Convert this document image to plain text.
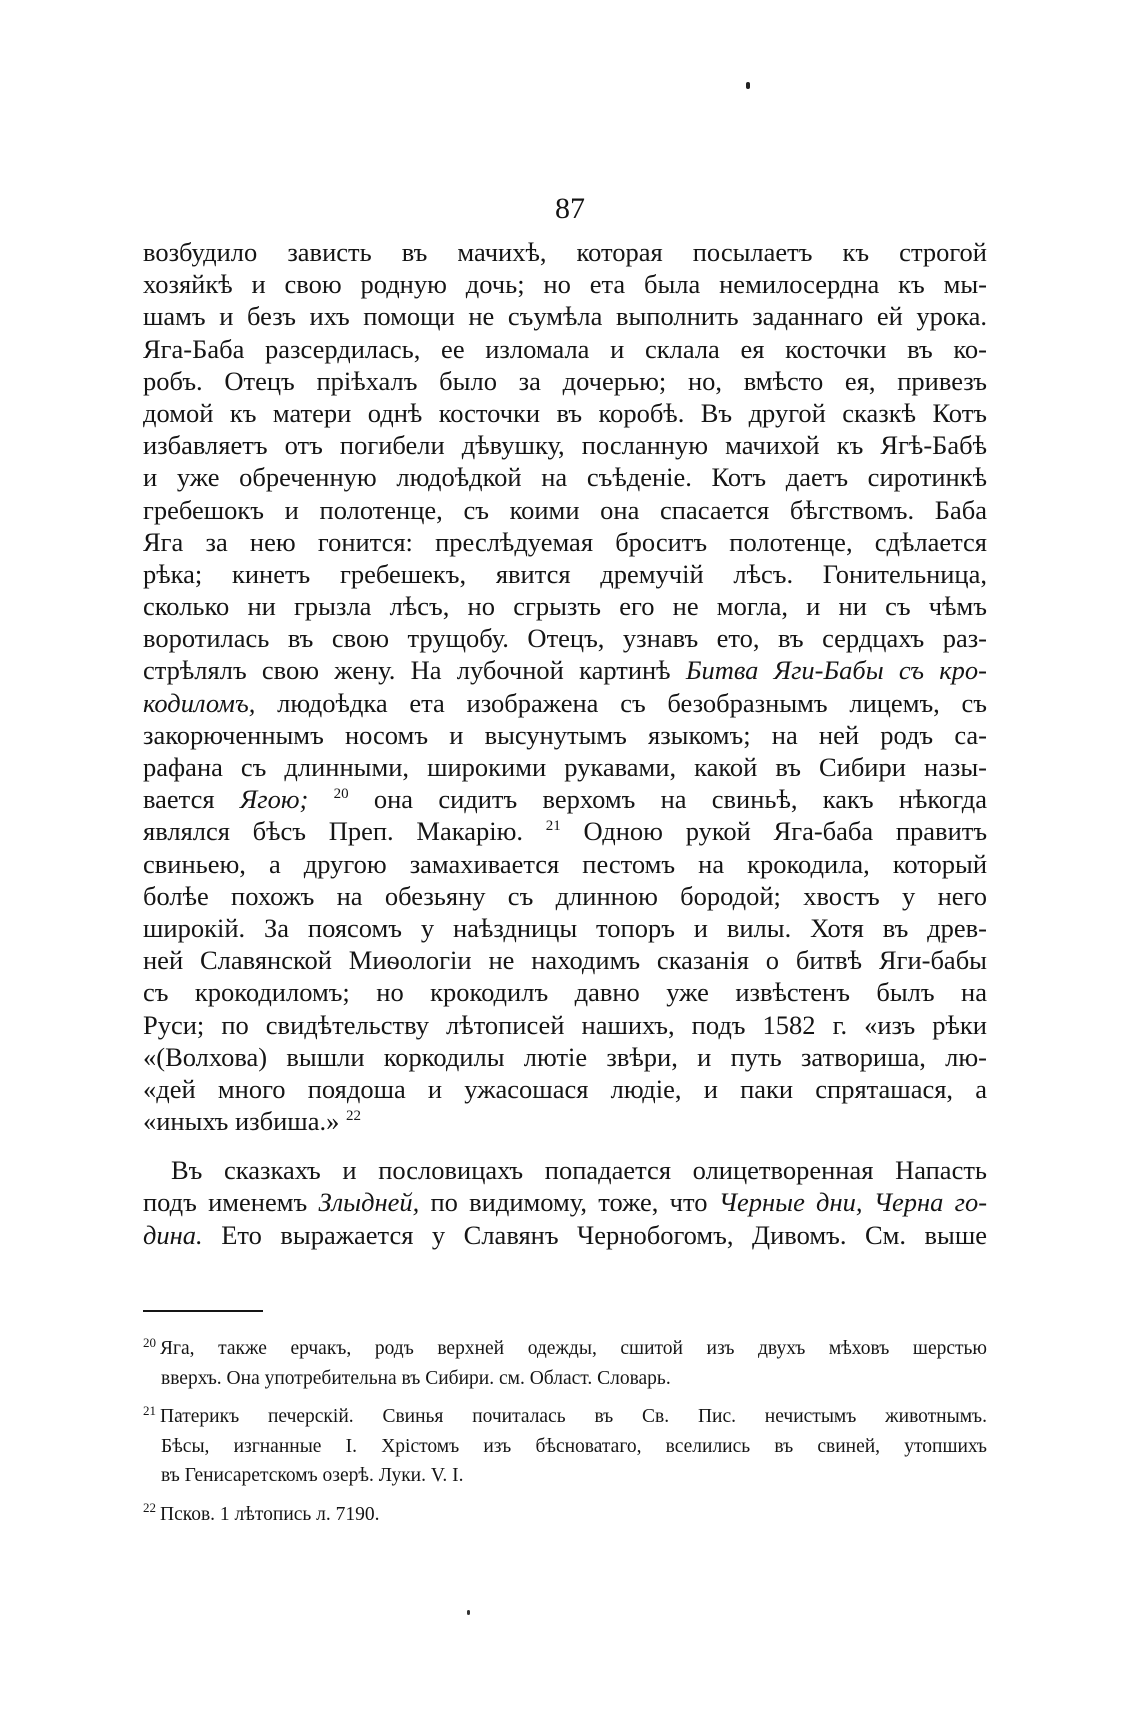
87
возбудило зависть въ мачихѣ, которая посылаетъ къ строгой
хозяйкѣ и свою родную дочь; но ета была немилосердна къ мы-
шамъ и безъ ихъ помощи не съумѣла выполнить заданнаго ей урока.
Яга-Баба разсердилась, ее изломала и склала ея косточки въ ко-
робъ. Отецъ пріѣхалъ было за дочерью; но, вмѣсто ея, привезъ
домой къ матери однѣ косточки въ коробѣ. Въ другой сказкѣ Котъ
избавляетъ отъ погибели дѣвушку, посланную мачихой къ Ягѣ-Бабѣ
и уже обреченную людоѣдкой на съѣденіе. Котъ даетъ сиротинкѣ
гребешокъ и полотенце, съ коими она спасается бѣгствомъ. Баба
Яга за нею гонится: преслѣдуемая броситъ полотенце, сдѣлается
рѣка; кинетъ гребешекъ, явится дремучій лѣсъ. Гонительница,
сколько ни грызла лѣсъ, но сгрызть его не могла, и ни съ чѣмъ
воротилась въ свою трущобу. Отецъ, узнавъ ето, въ сердцахъ раз-
стрѣлялъ свою жену. На лубочной картинѣ Битва Яги-Бабы съ кро-
кодиломъ, людоѣдка ета изображена съ безобразнымъ лицемъ, съ
закорюченнымъ носомъ и высунутымъ языкомъ; на ней родъ са-
рафана съ длинными, широкими рукавами, какой въ Сибири назы-
вается Ягою; $^{20}$ она сидитъ верхомъ на свиньѣ, какъ нѣкогда
являлся бѣсъ Преп. Макарію. $^{21}$ Одною рукой Яга-баба правитъ
свиньею, а другою замахивается пестомъ на крокодила, который
болѣе похожъ на обезьяну съ длинною бородой; хвостъ у него
широкій. За поясомъ у наѣздницы топоръ и вилы. Хотя въ древ-
ней Славянской Миѳологіи не находимъ сказанія о битвѣ Яги-бабы
съ крокодиломъ; но крокодилъ давно уже извѣстенъ былъ на
Руси; по свидѣтельству лѣтописей нашихъ, подъ 1582 г. «изъ рѣки
«(Волхова) вышли коркодилы лютіе звѣри, и путь затвориша, лю-
«дей много поядоша и ужасошася людіе, и паки спряташася, а
«иныхъ избиша.» $^{22}$
Въ сказкахъ и пословицахъ попадается олицетворенная Напасть
подъ именемъ Злыдней, по видимому, тоже, что Черные дни, Черна го-
дина. Ето выражается у Славянъ Чернобогомъ, Дивомъ. См. выше
$^{20}$ Яга, также ерчакъ, родъ верхней одежды, сшитой изъ двухъ мѣховъ шерстью
вверхъ. Она употребительна въ Сибири. см. Област. Словарь.
$^{21}$ Патерикъ печерскій. Свинья почиталась въ Св. Пис. нечистымъ животнымъ.
Бѣсы, изгнанные І. Хрістомъ изъ бѣсноватаго, вселились въ свиней, утопшихъ
въ Генисаретскомъ озерѣ. Луки. V. I.
$^{22}$ Псков. 1 лѣтопись л. 7190.
